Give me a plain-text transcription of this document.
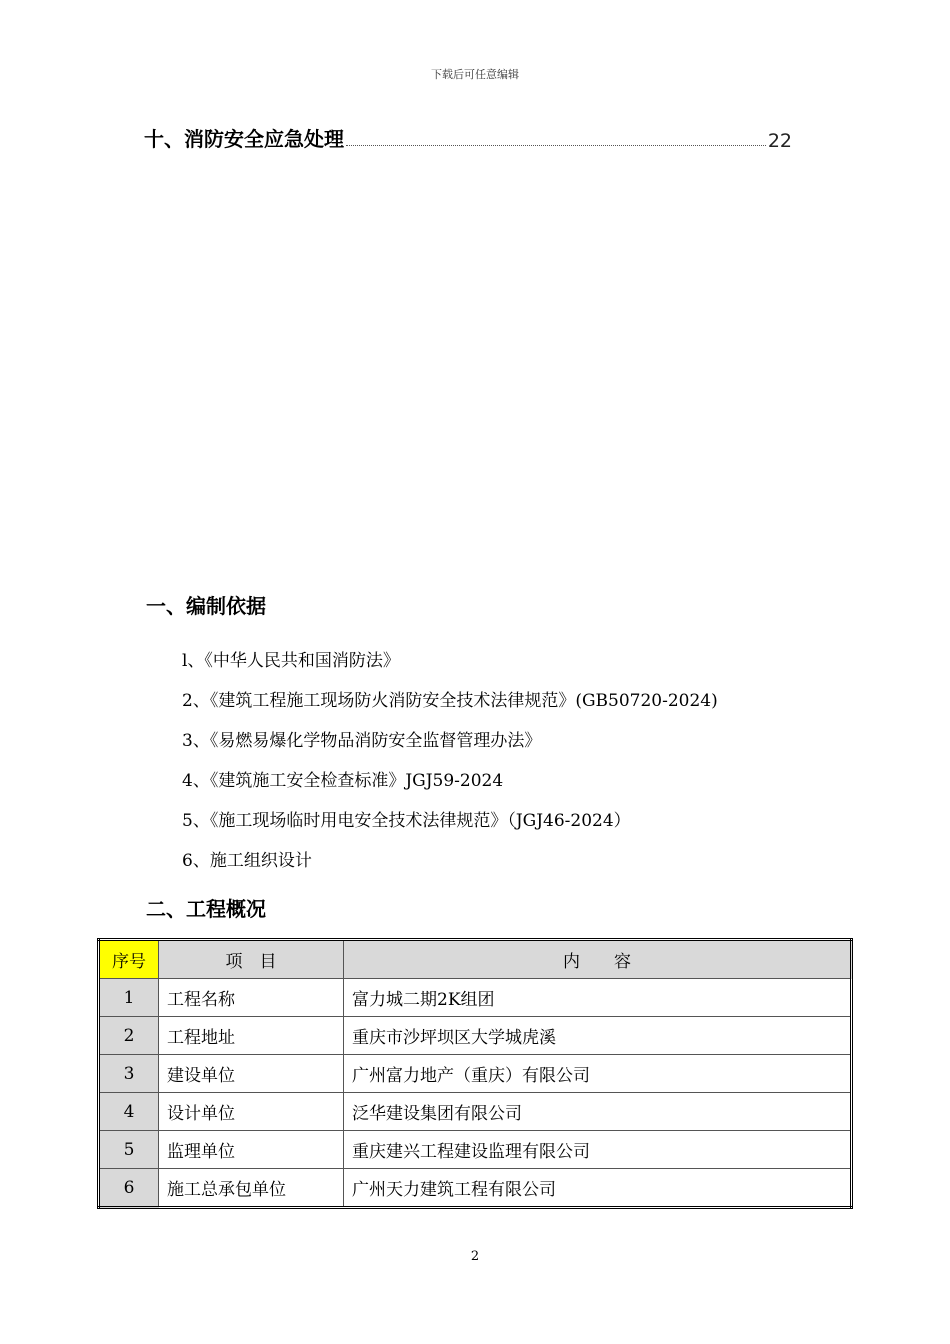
下载后可任意编辑
十、消防安全应急处理	22
一、编制依据
l、《中华人民共和国消防法》
2、《建筑工程施工现场防火消防安全技术法律规范》(GB50720-2024)
3、《易燃易爆化学物品消防安全监督管理办法》
4、《建筑施工安全检查标准》JGJ59-2024
5、《施工现场临时用电安全技术法律规范》（JGJ46-2024）
6、施工组织设计
二、工程概况
序号	项　目	内　　容
1	工程名称	富力城二期2K组团
2	工程地址	重庆市沙坪坝区大学城虎溪
3	建设单位	广州富力地产（重庆）有限公司
4	设计单位	泛华建设集团有限公司
5	监理单位	重庆建兴工程建设监理有限公司
6	施工总承包单位	广州天力建筑工程有限公司
2
